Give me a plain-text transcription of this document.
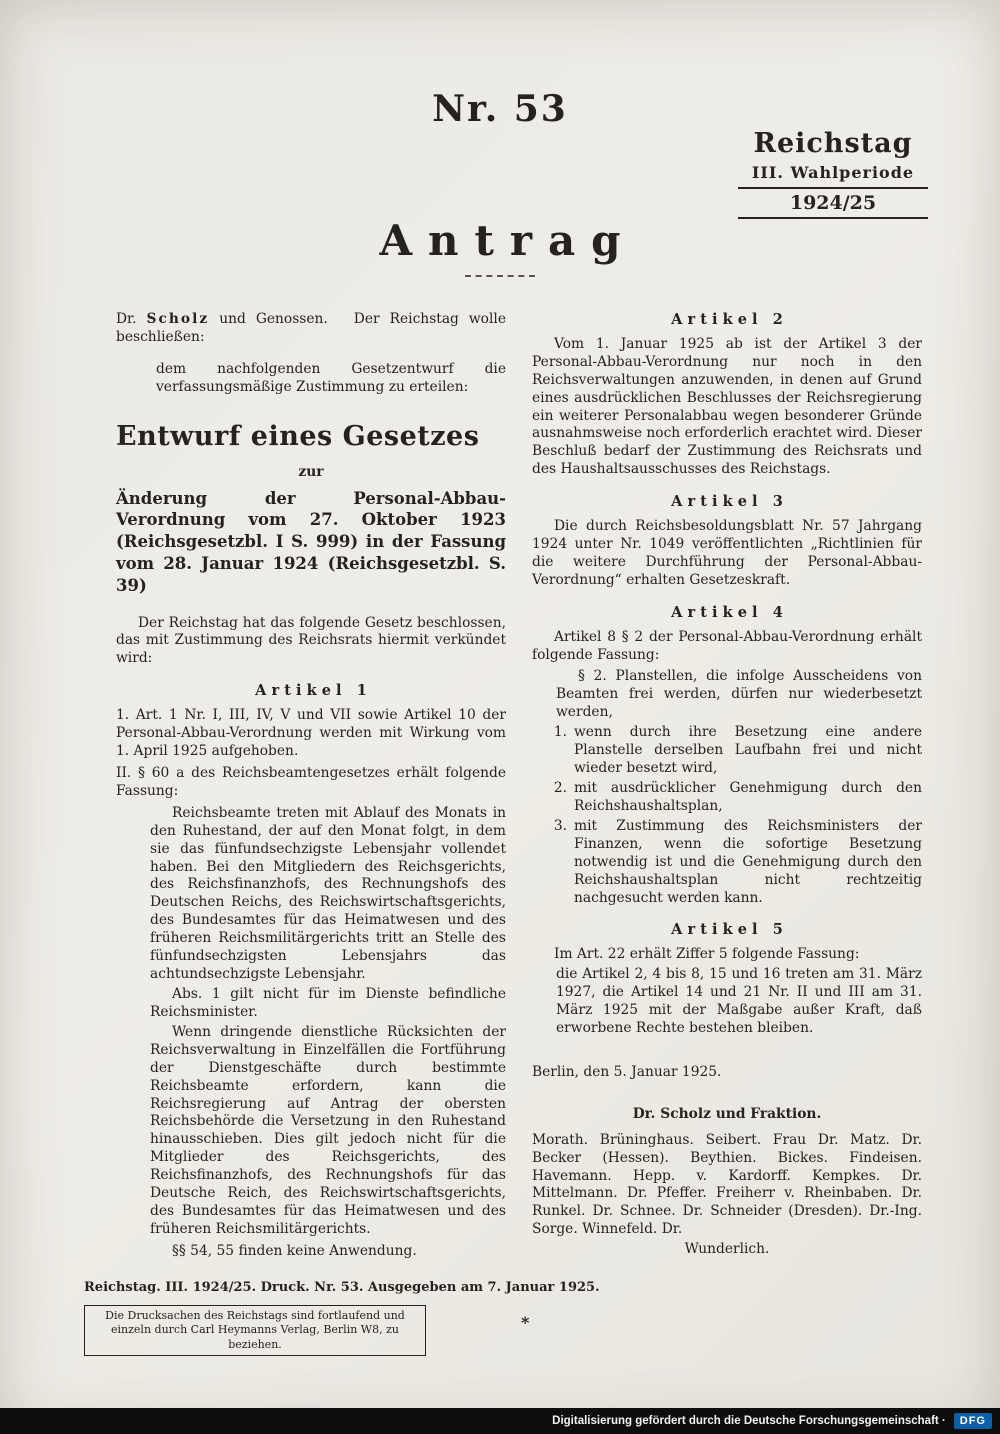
Nr. 53
Reichstag
III. Wahlperiode
1924/25
Antrag

Dr. Scholz und Genossen. Der Reichstag wolle beschließen:

dem nachfolgenden Gesetzentwurf die verfassungsmäßige Zustimmung zu erteilen:

Entwurf eines Gesetzes
zur

Änderung der Personal-Abbau-Verordnung vom 27. Oktober 1923 (Reichsgesetzbl. I S. 999) in der Fassung vom 28. Januar 1924 (Reichsgesetzbl. S. 39)

Der Reichstag hat das folgende Gesetz beschlossen, das mit Zustimmung des Reichsrats hiermit verkündet wird:

Artikel 1

1. Art. 1 Nr. I, III, IV, V und VII sowie Artikel 10 der Personal-Abbau-Verordnung werden mit Wirkung vom 1. April 1925 aufgehoben.

II. § 60 a des Reichsbeamtengesetzes erhält folgende Fassung:

Reichsbeamte treten mit Ablauf des Monats in den Ruhestand, der auf den Monat folgt, in dem sie das fünfundsechzigste Lebensjahr vollendet haben. Bei den Mitgliedern des Reichsgerichts, des Reichsfinanzhofs, des Rechnungshofs des Deutschen Reichs, des Reichswirtschaftsgerichts, des Bundesamtes für das Heimatwesen und des früheren Reichsmilitärgerichts tritt an Stelle des fünfundsechzigsten Lebensjahrs das achtundsechzigste Lebensjahr.

Abs. 1 gilt nicht für im Dienste befindliche Reichsminister.

Wenn dringende dienstliche Rücksichten der Reichsverwaltung in Einzelfällen die Fortführung der Dienstgeschäfte durch bestimmte Reichsbeamte erfordern, kann die Reichsregierung auf Antrag der obersten Reichsbehörde die Versetzung in den Ruhestand hinausschieben. Dies gilt jedoch nicht für die Mitglieder des Reichsgerichts, des Reichsfinanzhofs, des Rechnungshofs für das Deutsche Reich, des Reichswirtschaftsgerichts, des Bundesamtes für das Heimatwesen und des früheren Reichsmilitärgerichts.

§§ 54, 55 finden keine Anwendung.

Artikel 2

Vom 1. Januar 1925 ab ist der Artikel 3 der Personal-Abbau-Verordnung nur noch in den Reichsverwaltungen anzuwenden, in denen auf Grund eines ausdrücklichen Beschlusses der Reichsregierung ein weiterer Personalabbau wegen besonderer Gründe ausnahmsweise noch erforderlich erachtet wird. Dieser Beschluß bedarf der Zustimmung des Reichsrats und des Haushaltsausschusses des Reichstags.

Artikel 3

Die durch Reichsbesoldungsblatt Nr. 57 Jahrgang 1924 unter Nr. 1049 veröffentlichten „Richtlinien für die weitere Durchführung der Personal-Abbau-Verordnung“ erhalten Gesetzeskraft.

Artikel 4

Artikel 8 § 2 der Personal-Abbau-Verordnung erhält folgende Fassung:

§ 2. Planstellen, die infolge Ausscheidens von Beamten frei werden, dürfen nur wiederbesetzt werden,

1. wenn durch ihre Besetzung eine andere Planstelle derselben Laufbahn frei und nicht wieder besetzt wird,
2. mit ausdrücklicher Genehmigung durch den Reichshaushaltsplan,
3. mit Zustimmung des Reichsministers der Finanzen, wenn die sofortige Besetzung notwendig ist und die Genehmigung durch den Reichshaushaltsplan nicht rechtzeitig nachgesucht werden kann.
Artikel 5

Im Art. 22 erhält Ziffer 5 folgende Fassung:

die Artikel 2, 4 bis 8, 15 und 16 treten am 31. März 1927, die Artikel 14 und 21 Nr. II und III am 31. März 1925 mit der Maßgabe außer Kraft, daß erworbene Rechte bestehen bleiben.

Berlin, den 5. Januar 1925.

Dr. Scholz und Fraktion.

Morath. Brüninghaus. Seibert. Frau Dr. Matz. Dr. Becker (Hessen). Beythien. Bickes. Findeisen. Havemann. Hepp. v. Kardorff. Kempkes. Dr. Mittelmann. Dr. Pfeffer. Freiherr v. Rheinbaben. Dr. Runkel. Dr. Schnee. Dr. Schneider (Dresden). Dr.-Ing. Sorge. Winnefeld. Dr.

Wunderlich.
Reichstag. III. 1924/25. Druck. Nr. 53. Ausgegeben am 7. Januar 1925.
Die Drucksachen des Reichstags sind fortlaufend und einzeln durch Carl Heymanns Verlag, Berlin W8, zu beziehen.
*
Digitalisierung gefördert durch die Deutsche Forschungsgemeinschaft ·	DFG
